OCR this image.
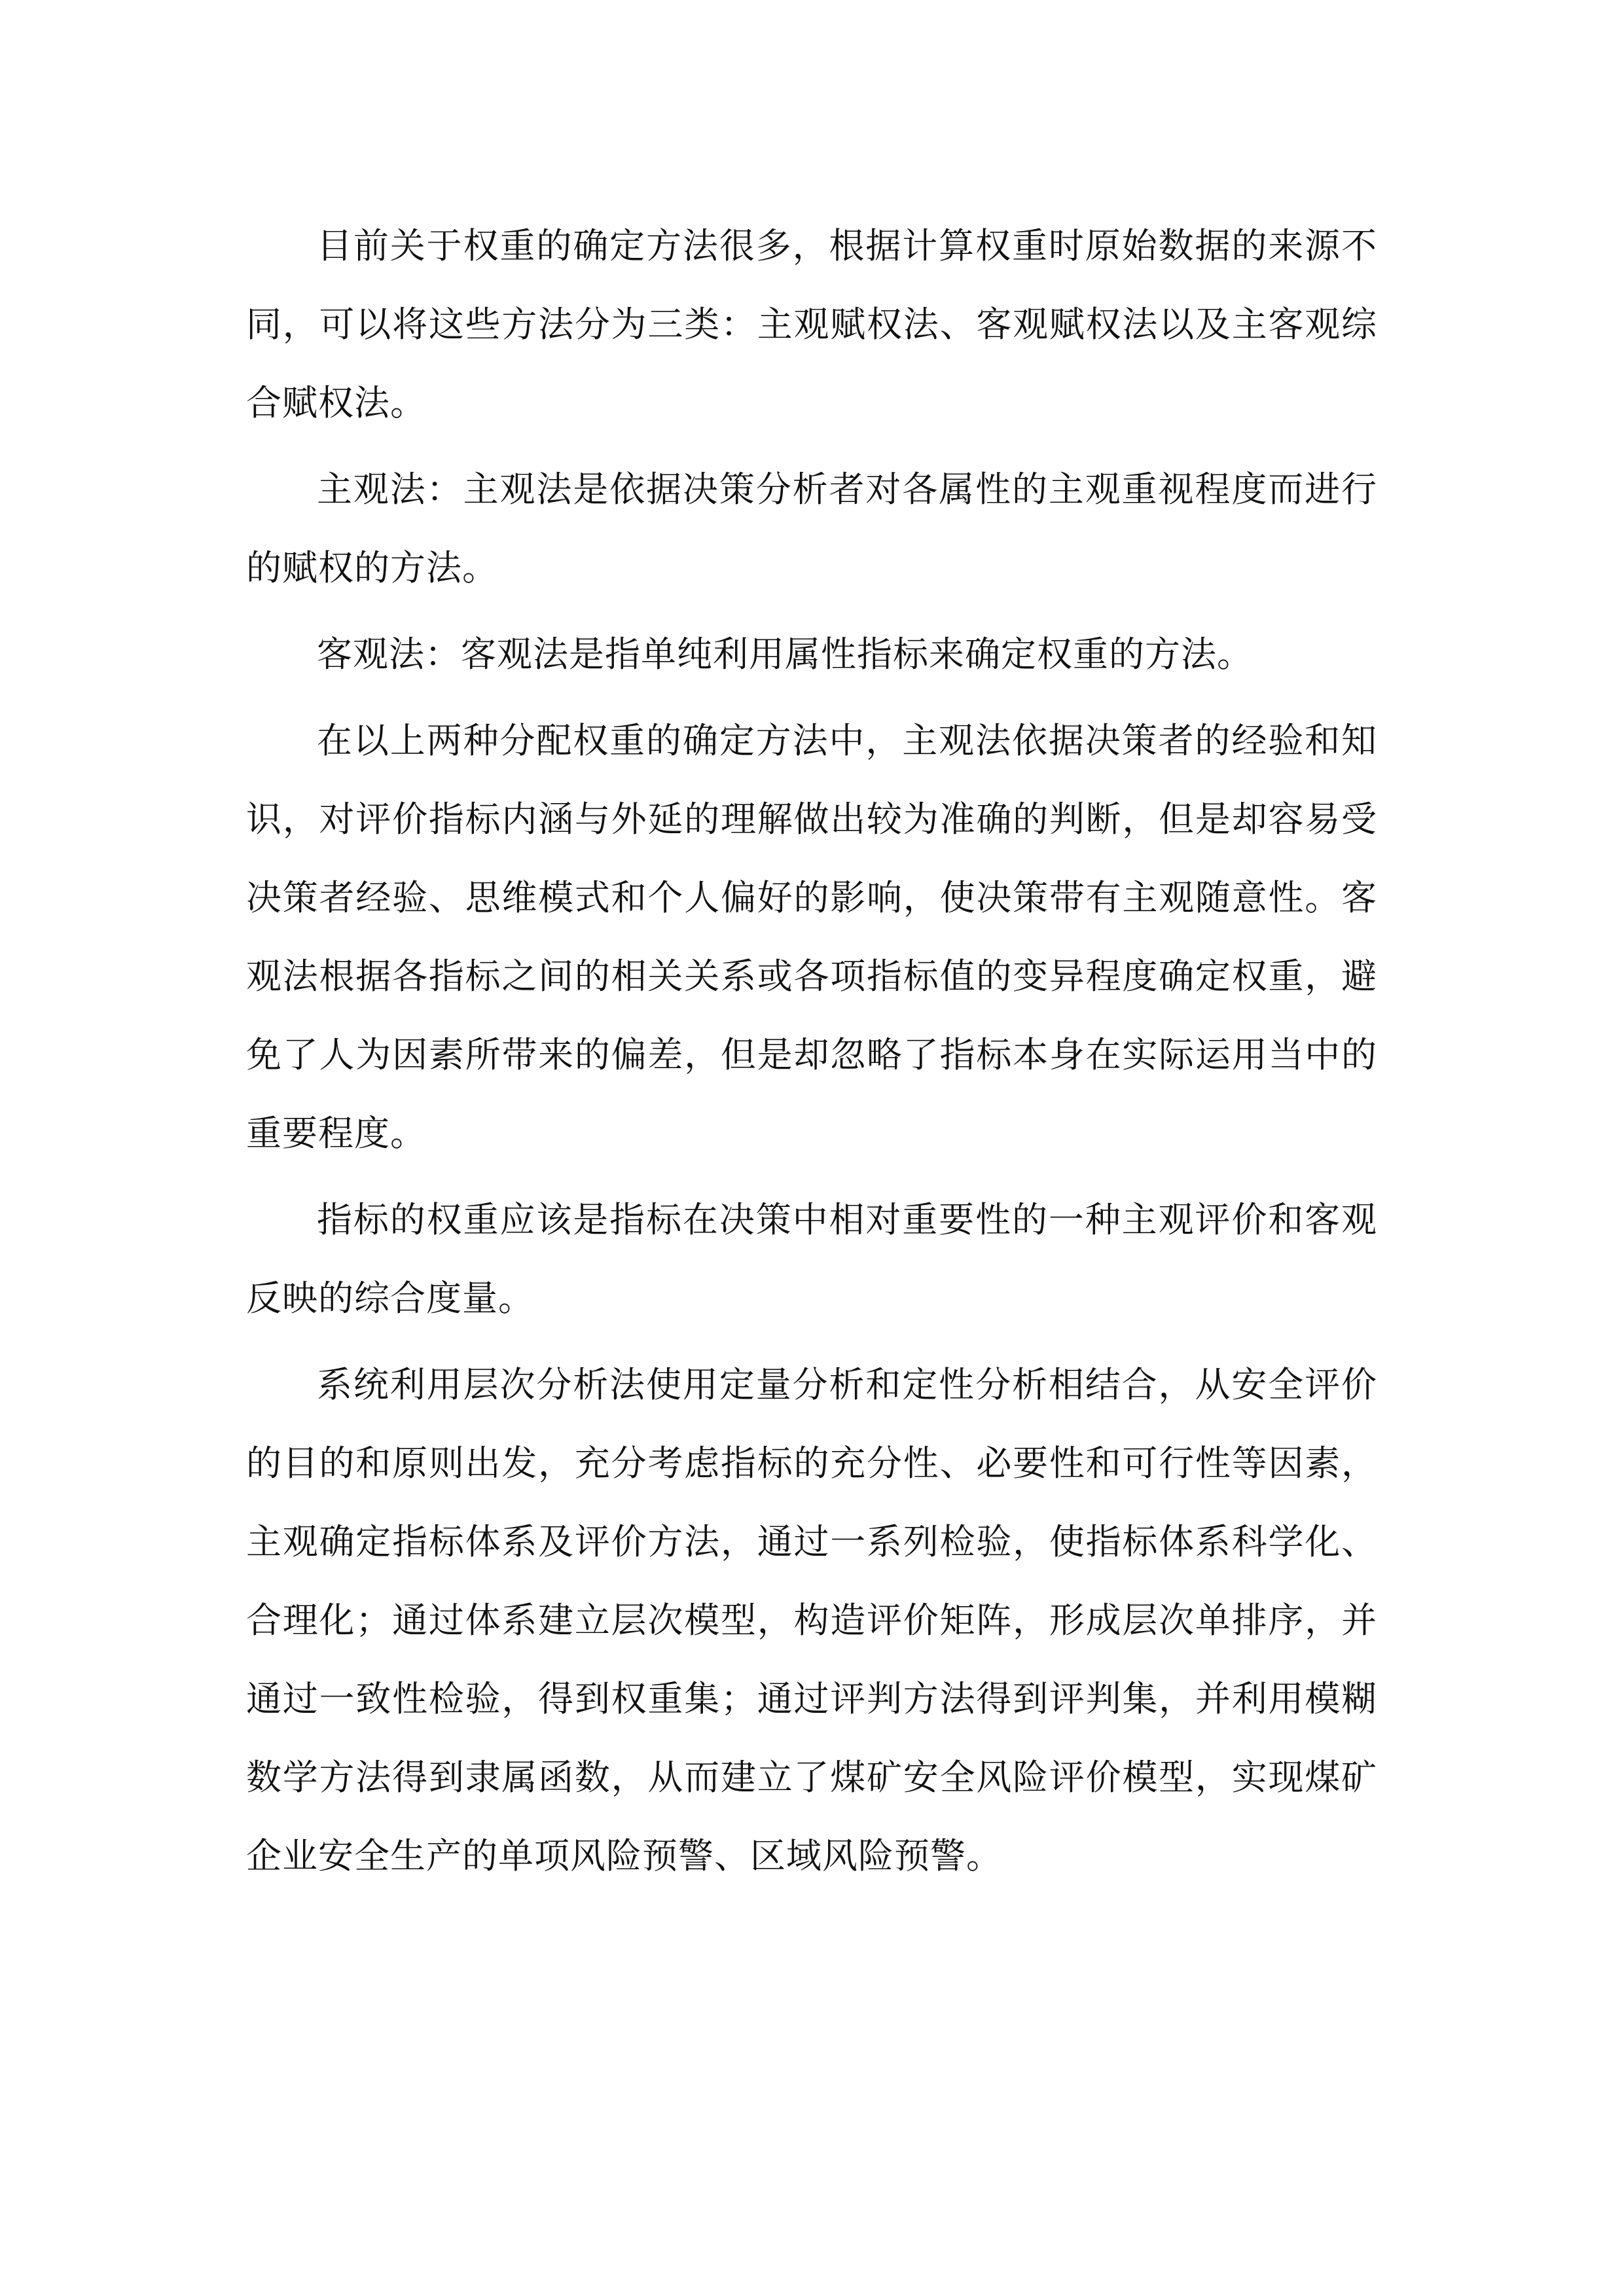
目前关于权重的确定方法很多，根据计算权重时原始数据的来源不同，可以将这些方法分为三类：主观赋权法、客观赋权法以及主客观综合赋权法。

主观法：主观法是依据决策分析者对各属性的主观重视程度而进行的赋权的方法。

客观法：客观法是指单纯利用属性指标来确定权重的方法。

在以上两种分配权重的确定方法中，主观法依据决策者的经验和知识，对评价指标内涵与外延的理解做出较为准确的判断，但是却容易受决策者经验、思维模式和个人偏好的影响，使决策带有主观随意性。客观法根据各指标之间的相关关系或各项指标值的变异程度确定权重，避免了人为因素所带来的偏差，但是却忽略了指标本身在实际运用当中的重要程度。

指标的权重应该是指标在决策中相对重要性的一种主观评价和客观反映的综合度量。

系统利用层次分析法使用定量分析和定性分析相结合，从安全评价的目的和原则出发，充分考虑指标的充分性、必要性和可行性等因素，主观确定指标体系及评价方法，通过一系列检验，使指标体系科学化、合理化；通过体系建立层次模型，构造评价矩阵，形成层次单排序，并通过一致性检验，得到权重集；通过评判方法得到评判集，并利用模糊数学方法得到隶属函数，从而建立了煤矿安全风险评价模型，实现煤矿企业安全生产的单项风险预警、区域风险预警。
